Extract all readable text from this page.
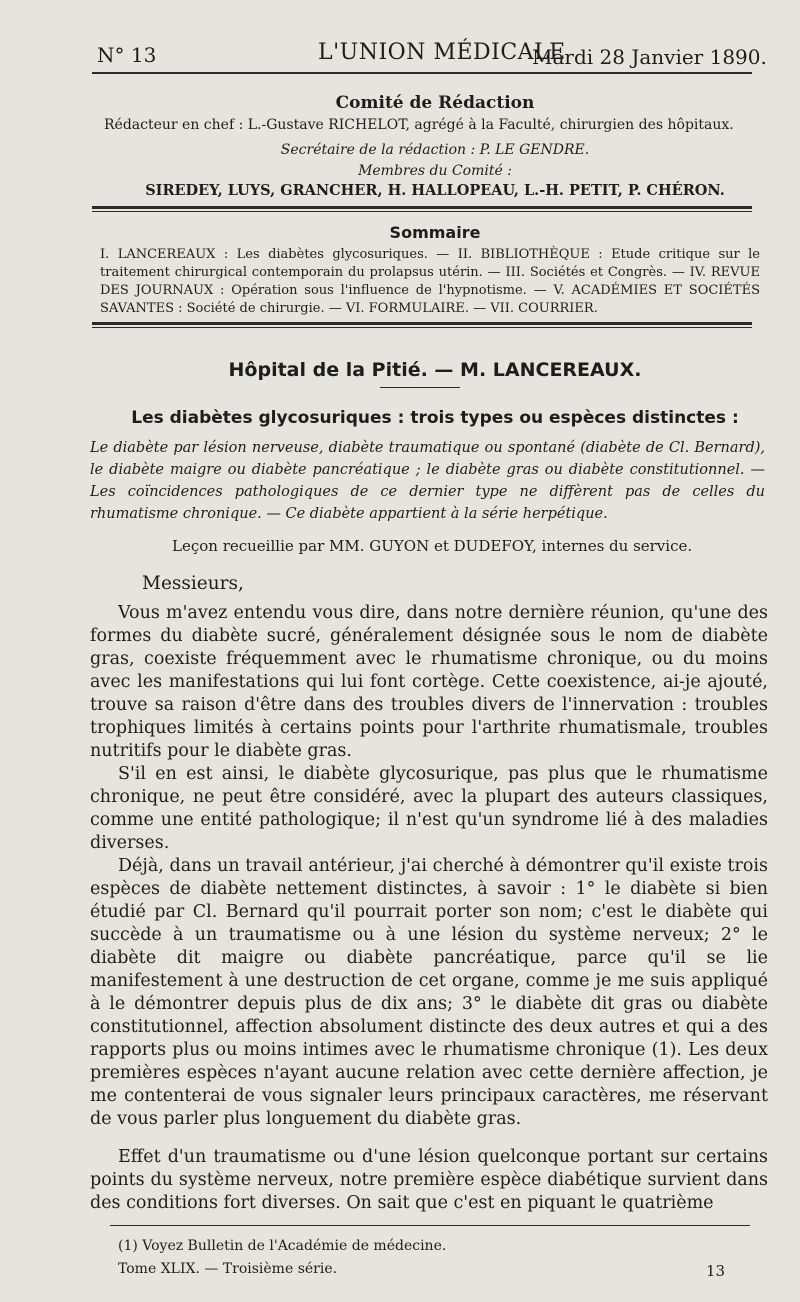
N° 13	L'UNION MÉDICALE
Mardi 28 Janvier 1890.
Comité de Rédaction
Rédacteur en chef : L.-Gustave RICHELOT, agrégé à la Faculté, chirurgien des hôpitaux.
Secrétaire de la rédaction : P. LE GENDRE.
Membres du Comité :
SIREDEY, LUYS, GRANCHER, H. HALLOPEAU, L.-H. PETIT, P. CHÉRON.
Sommaire
I. LANCEREAUX : Les diabètes glycosuriques. — II. BIBLIOTHÈQUE : Etude critique sur le traitement chirurgical contemporain du prolapsus utérin. — III. Sociétés et Congrès. — IV. REVUE DES JOURNAUX : Opération sous l'influence de l'hypnotisme. — V. ACADÉMIES ET SOCIÉTÉS SAVANTES : Société de chirurgie. — VI. FORMULAIRE. — VII. COURRIER.
Hôpital de la Pitié. — M. LANCEREAUX.
Les diabètes glycosuriques : trois types ou espèces distinctes :
Le diabète par lésion nerveuse, diabète traumatique ou spontané (diabète de Cl. Bernard), le diabète maigre ou diabète pancréatique ; le diabète gras ou diabète constitutionnel. — Les coïncidences pathologiques de ce dernier type ne diffèrent pas de celles du rhumatisme chronique. — Ce diabète appartient à la série herpétique.
Leçon recueillie par MM. GUYON et DUDEFOY, internes du service.
Messieurs,
Vous m'avez entendu vous dire, dans notre dernière réunion, qu'une des formes du diabète sucré, généralement désignée sous le nom de diabète gras, coexiste fréquemment avec le rhumatisme chronique, ou du moins avec les manifestations qui lui font cortège. Cette coexistence, ai-je ajouté, trouve sa raison d'être dans des troubles divers de l'innervation : troubles trophiques limités à certains points pour l'arthrite rhumatismale, troubles nutritifs pour le diabète gras.
S'il en est ainsi, le diabète glycosurique, pas plus que le rhumatisme chronique, ne peut être considéré, avec la plupart des auteurs classiques, comme une entité pathologique; il n'est qu'un syndrome lié à des maladies diverses.
Déjà, dans un travail antérieur, j'ai cherché à démontrer qu'il existe trois espèces de diabète nettement distinctes, à savoir : 1° le diabète si bien étudié par Cl. Bernard qu'il pourrait porter son nom; c'est le diabète qui succède à un traumatisme ou à une lésion du système nerveux; 2° le diabète dit maigre ou diabète pancréatique, parce qu'il se lie manifestement à une destruction de cet organe, comme je me suis appliqué à le démontrer depuis plus de dix ans; 3° le diabète dit gras ou diabète constitutionnel, affection absolument distincte des deux autres et qui a des rapports plus ou moins intimes avec le rhumatisme chronique (1). Les deux premières espèces n'ayant aucune relation avec cette dernière affection, je me contenterai de vous signaler leurs principaux caractères, me réservant de vous parler plus longuement du diabète gras.
Effet d'un traumatisme ou d'une lésion quelconque portant sur certains points du système nerveux, notre première espèce diabétique survient dans des conditions fort diverses. On sait que c'est en piquant le quatrième
(1) Voyez Bulletin de l'Académie de médecine.
Tome XLIX. — Troisième série.	13
